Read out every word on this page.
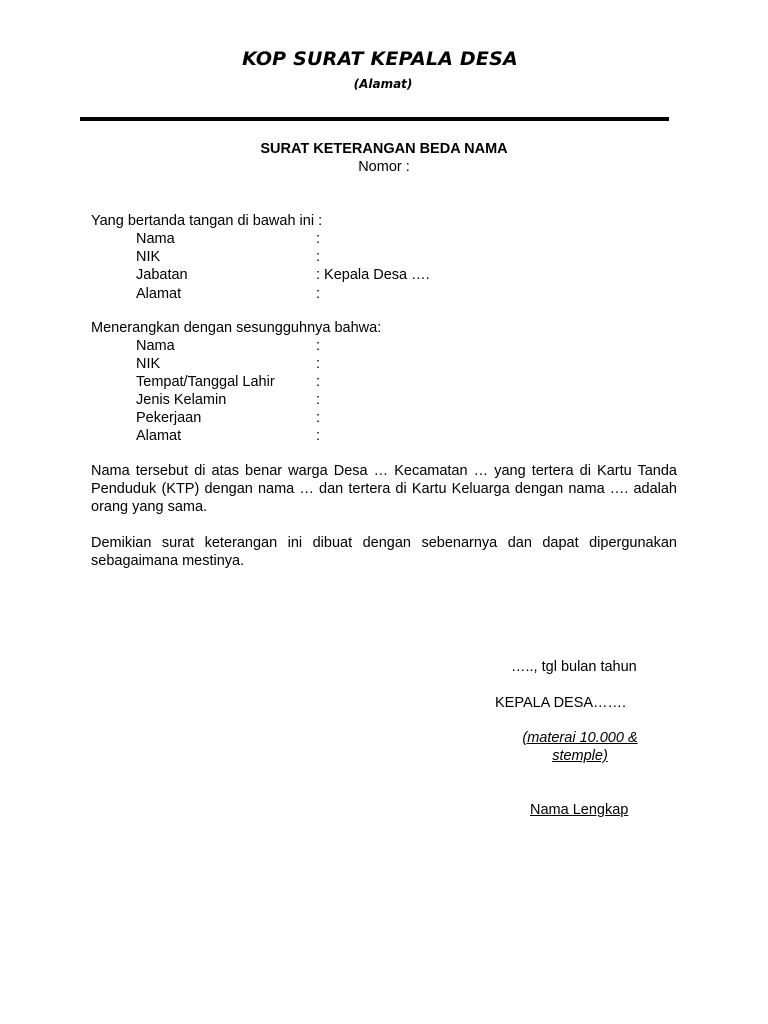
KOP SURAT KEPALA DESA
(Alamat)
SURAT KETERANGAN BEDA NAMA
Nomor :
Yang bertanda tangan di bawah ini :
Nama	:
NIK	:
Jabatan	: Kepala Desa ….
Alamat	:
Menerangkan dengan sesungguhnya bahwa:
Nama	:
NIK	:
Tempat/Tanggal Lahir	:
Jenis Kelamin	:
Pekerjaan	:
Alamat	:
Nama tersebut di atas benar warga Desa … Kecamatan … yang tertera di Kartu Tanda Penduduk (KTP) dengan nama … dan tertera di Kartu Keluarga dengan nama …. adalah orang yang sama.
Demikian surat keterangan ini dibuat dengan sebenarnya dan dapat dipergunakan sebagaimana mestinya.
….., tgl bulan tahun
KEPALA DESA…….
(materai 10.000 &
stemple)
Nama Lengkap
